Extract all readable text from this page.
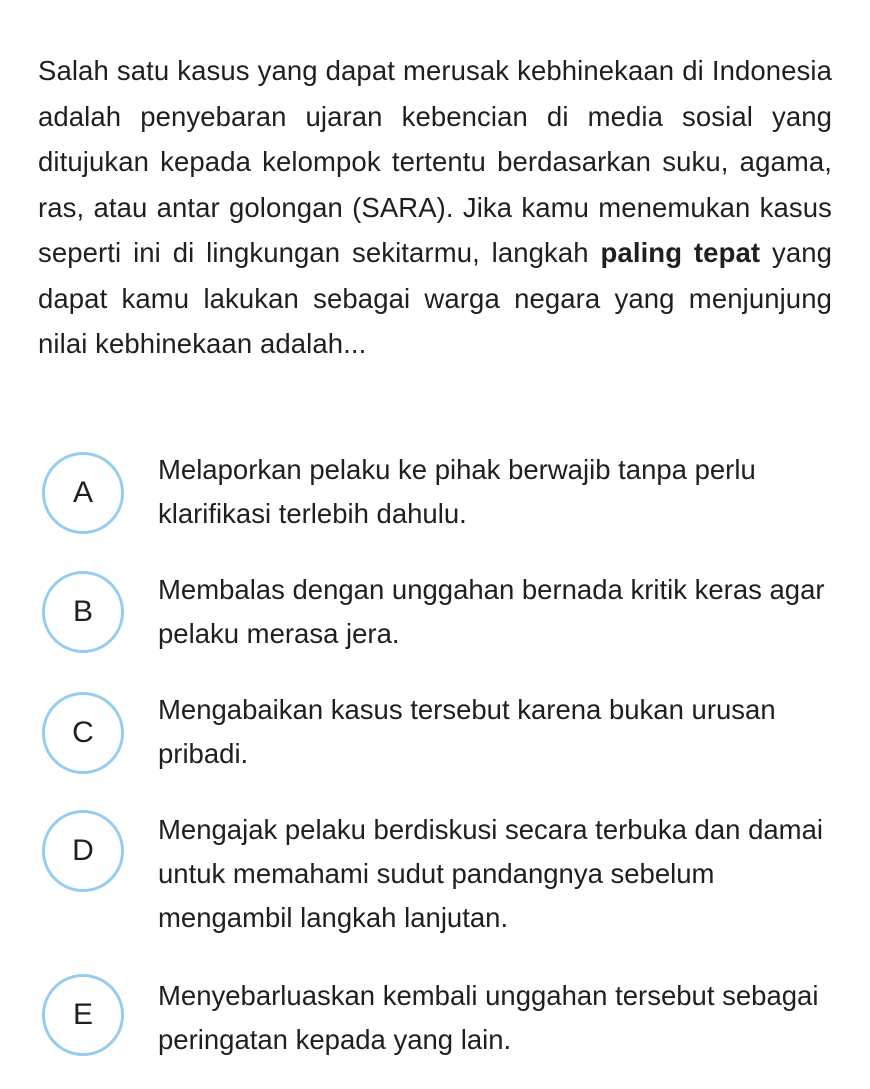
Salah satu kasus yang dapat merusak kebhinekaan di Indonesia adalah penyebaran ujaran kebencian di media sosial yang ditujukan kepada kelompok tertentu berdasarkan suku, agama, ras, atau antar golongan (SARA). Jika kamu menemukan kasus seperti ini di lingkungan sekitarmu, langkah paling tepat yang dapat kamu lakukan sebagai warga negara yang menjunjung nilai kebhinekaan adalah...

A

Melaporkan pelaku ke pihak berwajib tanpa perlu klarifikasi terlebih dahulu.

B

Membalas dengan unggahan bernada kritik keras agar pelaku merasa jera.

C

Mengabaikan kasus tersebut karena bukan urusan pribadi.

D

Mengajak pelaku berdiskusi secara terbuka dan damai untuk memahami sudut pandangnya sebelum mengambil langkah lanjutan.

E

Menyebarluaskan kembali unggahan tersebut sebagai peringatan kepada yang lain.
